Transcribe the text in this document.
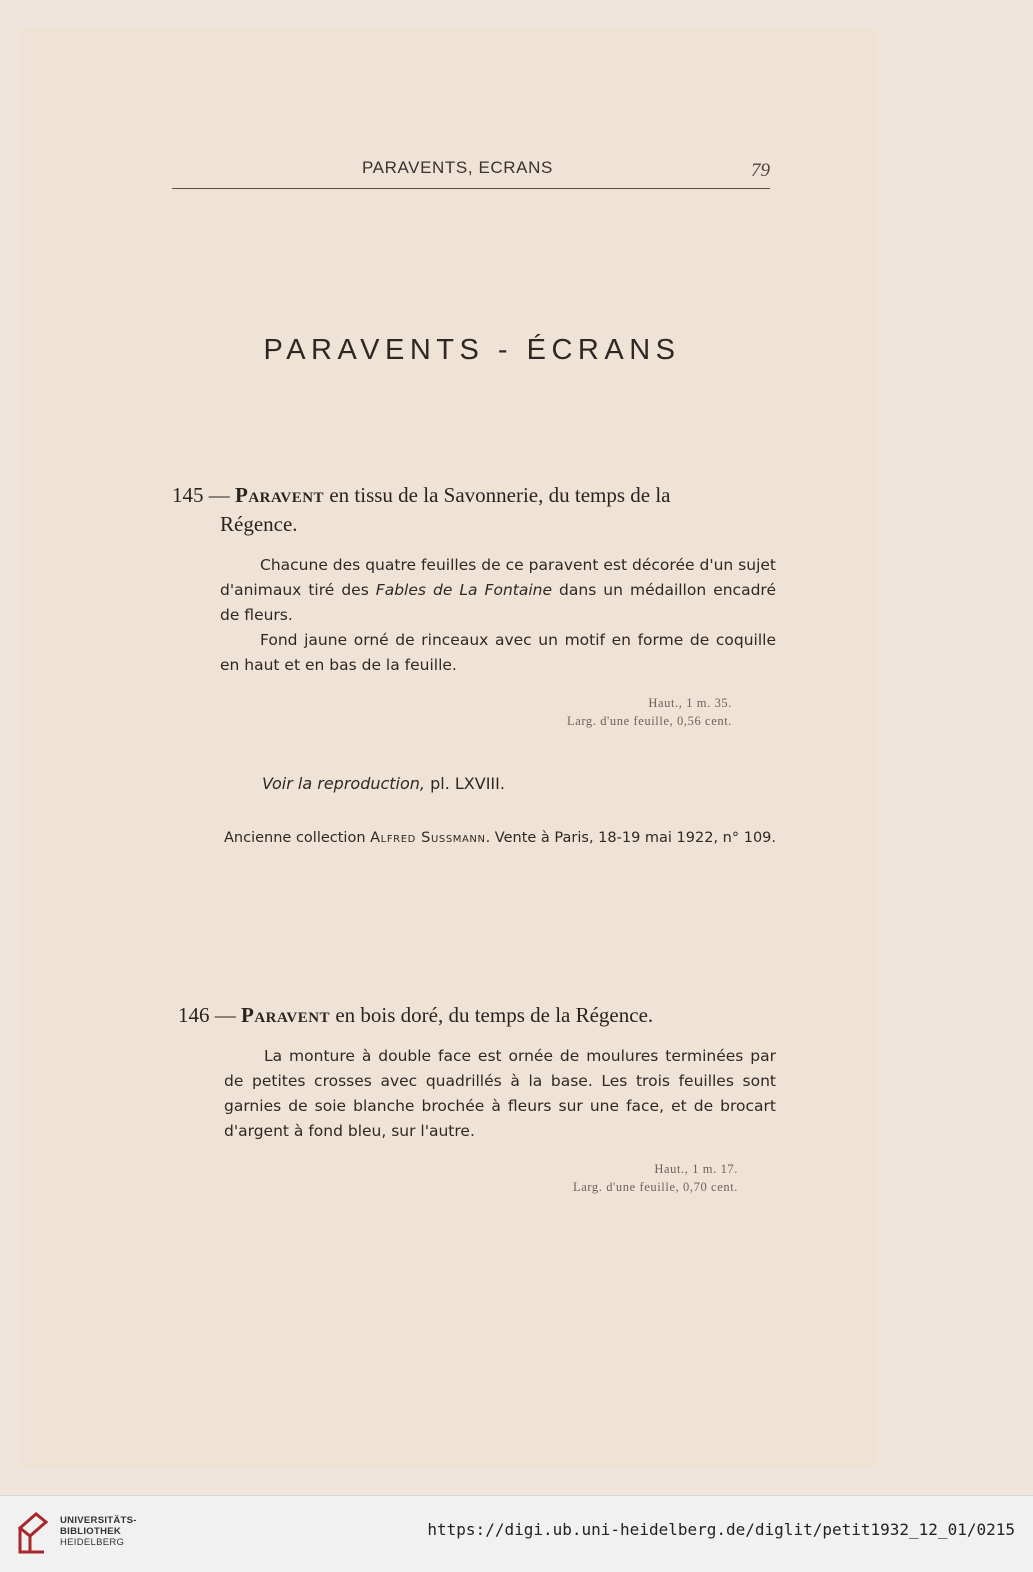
PARAVENTS, ECRANS	79
PARAVENTS - ÉCRANS
145 — Paravent en tissu de la Savonnerie, du temps de la
Régence.

Chacune des quatre feuilles de ce paravent est décorée d'un sujet d'animaux tiré des Fables de La Fontaine dans un médaillon encadré de fleurs.

Fond jaune orné de rinceaux avec un motif en forme de coquille en haut et en bas de la feuille.

Haut., 1 m. 35.
Larg. d'une feuille, 0,56 cent.
Voir la reproduction, pl. LXVIII.
Ancienne collection Alfred Sussmann. Vente à Paris, 18-19 mai 1922, n° 109.
146 — Paravent en bois doré, du temps de la Régence.

La monture à double face est ornée de moulures terminées par de petites crosses avec quadrillés à la base. Les trois feuilles sont garnies de soie blanche brochée à fleurs sur une face, et de brocart d'argent à fond bleu, sur l'autre.

Haut., 1 m. 17.
Larg. d'une feuille, 0,70 cent.
UNIVERSITÄTS-
BIBLIOTHEK
HEIDELBERG
https://digi.ub.uni-heidelberg.de/diglit/petit1932_12_01/0215
